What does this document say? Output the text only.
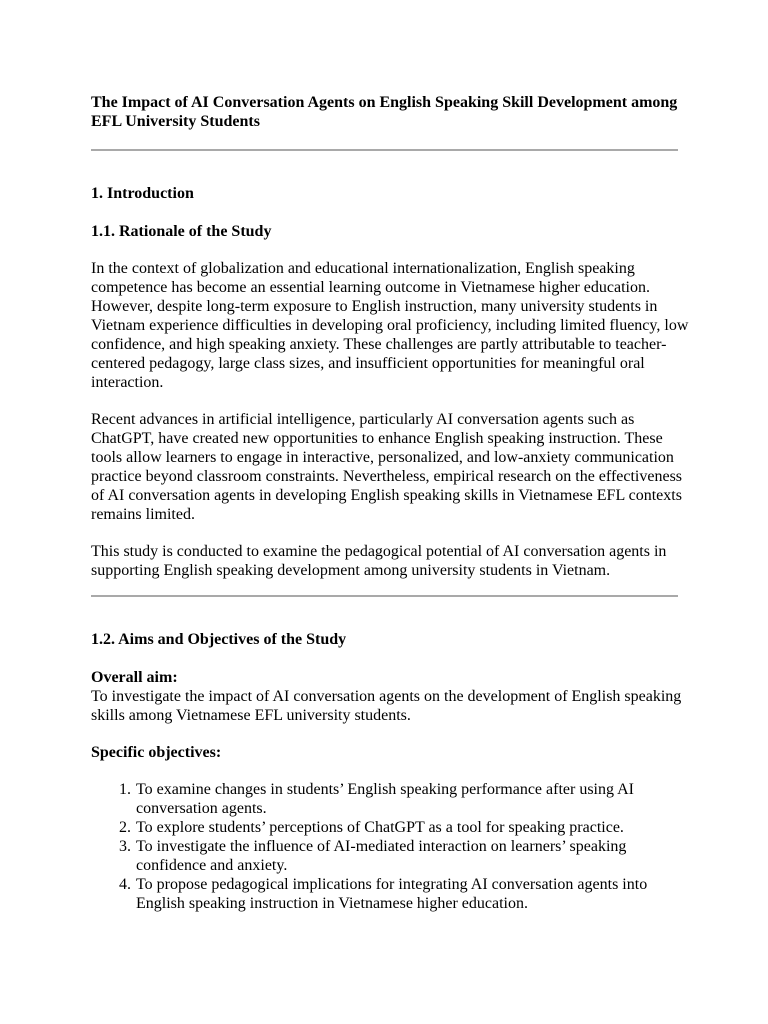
The Impact of AI Conversation Agents on English Speaking Skill Development among EFL University Students

1. Introduction

1.1. Rationale of the Study

In the context of globalization and educational internationalization, English speaking competence has become an essential learning outcome in Vietnamese higher education. However, despite long-term exposure to English instruction, many university students in Vietnam experience difficulties in developing oral proficiency, including limited fluency, low confidence, and high speaking anxiety. These challenges are partly attributable to teacher-centered pedagogy, large class sizes, and insufficient opportunities for meaningful oral interaction.

Recent advances in artificial intelligence, particularly AI conversation agents such as ChatGPT, have created new opportunities to enhance English speaking instruction. These tools allow learners to engage in interactive, personalized, and low-anxiety communication practice beyond classroom constraints. Nevertheless, empirical research on the effectiveness of AI conversation agents in developing English speaking skills in Vietnamese EFL contexts remains limited.

This study is conducted to examine the pedagogical potential of AI conversation agents in supporting English speaking development among university students in Vietnam.

1.2. Aims and Objectives of the Study

Overall aim:

To investigate the impact of AI conversation agents on the development of English speaking skills among Vietnamese EFL university students.

Specific objectives:

1. To examine changes in students’ English speaking performance after using AI conversation agents.
2. To explore students’ perceptions of ChatGPT as a tool for speaking practice.
3. To investigate the influence of AI-mediated interaction on learners’ speaking confidence and anxiety.
4. To propose pedagogical implications for integrating AI conversation agents into English speaking instruction in Vietnamese higher education.
